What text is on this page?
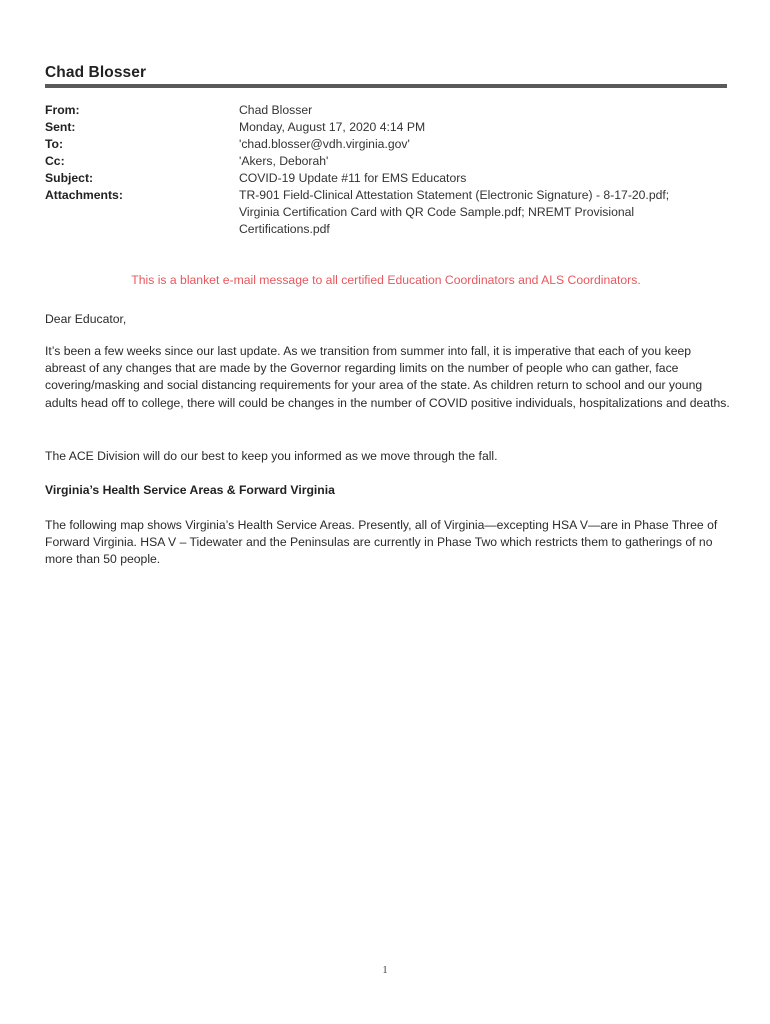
Chad Blosser
From:	Chad Blosser
Sent:	Monday, August 17, 2020 4:14 PM
To:	'chad.blosser@vdh.virginia.gov'
Cc:	'Akers, Deborah'
Subject:	COVID-19 Update #11 for EMS Educators
Attachments:	TR-901 Field-Clinical Attestation Statement (Electronic Signature) - 8-17-20.pdf;
Virginia Certification Card with QR Code Sample.pdf; NREMT Provisional
Certifications.pdf
This is a blanket e-mail message to all certified Education Coordinators and ALS Coordinators.

Dear Educator,

It’s been a few weeks since our last update. As we transition from summer into fall, it is imperative that each of you keep abreast of any changes that are made by the Governor regarding limits on the number of people who can gather, face covering/masking and social distancing requirements for your area of the state. As children return to school and our young adults head off to college, there will could be changes in the number of COVID positive individuals, hospitalizations and deaths.

The ACE Division will do our best to keep you informed as we move through the fall.

Virginia’s Health Service Areas & Forward Virginia

The following map shows Virginia’s Health Service Areas. Presently, all of Virginia—excepting HSA V—are in Phase Three of Forward Virginia. HSA V – Tidewater and the Peninsulas are currently in Phase Two which restricts them to gatherings of no more than 50 people.

1
